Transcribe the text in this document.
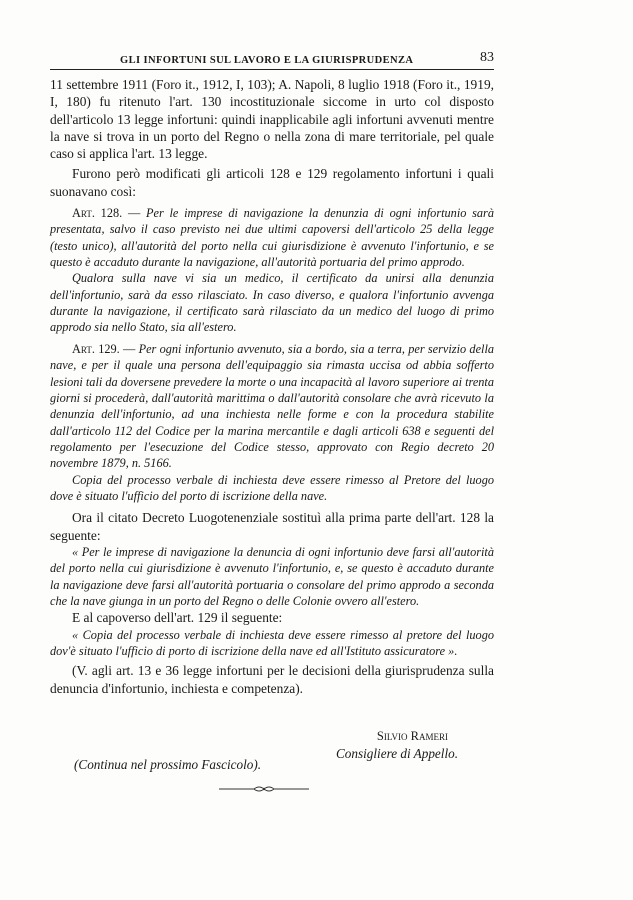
GLI INFORTUNI SUL LAVORO E LA GIURISPRUDENZA	83

11 settembre 1911 (Foro it., 1912, I, 103); A. Napoli, 8 luglio 1918 (Foro it., 1919, I, 180) fu ritenuto l'art. 130 incostituzionale siccome in urto col disposto dell'articolo 13 legge infortuni: quindi inapplicabile agli infortuni avvenuti mentre la nave si trova in un porto del Regno o nella zona di mare territoriale, pel quale caso si applica l'art. 13 legge.

Furono però modificati gli articoli 128 e 129 regolamento infortuni i quali suonavano così:

Art. 128. — Per le imprese di navigazione la denunzia di ogni infortunio sarà presentata, salvo il caso previsto nei due ultimi capoversi dell'articolo 25 della legge (testo unico), all'autorità del porto nella cui giurisdizione è avvenuto l'infortunio, e se questo è accaduto durante la navigazione, all'autorità portuaria del primo approdo.

Qualora sulla nave vi sia un medico, il certificato da unirsi alla denunzia dell'infortunio, sarà da esso rilasciato. In caso diverso, e qualora l'infortunio avvenga durante la navigazione, il certificato sarà rilasciato da un medico del luogo di primo approdo sia nello Stato, sia all'estero.

Art. 129. — Per ogni infortunio avvenuto, sia a bordo, sia a terra, per servizio della nave, e per il quale una persona dell'equipaggio sia rimasta uccisa od abbia sofferto lesioni tali da doversene prevedere la morte o una incapacità al lavoro superiore ai trenta giorni si procederà, dall'autorità marittima o dall'autorità consolare che avrà ricevuto la denunzia dell'infortunio, ad una inchiesta nelle forme e con la procedura stabilite dall'articolo 112 del Codice per la marina mercantile e dagli articoli 638 e seguenti del regolamento per l'esecuzione del Codice stesso, approvato con Regio decreto 20 novembre 1879, n. 5166.

Copia del processo verbale di inchiesta deve essere rimesso al Pretore del luogo dove è situato l'ufficio del porto di iscrizione della nave.

Ora il citato Decreto Luogotenenziale sostituì alla prima parte dell'art. 128 la seguente:

« Per le imprese di navigazione la denuncia di ogni infortunio deve farsi all'autorità del porto nella cui giurisdizione è avvenuto l'infortunio, e, se questo è accaduto durante la navigazione deve farsi all'autorità portuaria o consolare del primo approdo a seconda che la nave giunga in un porto del Regno o delle Colonie ovvero all'estero.

E al capoverso dell'art. 129 il seguente:

« Copia del processo verbale di inchiesta deve essere rimesso al pretore del luogo dov'è situato l'ufficio di porto di iscrizione della nave ed all'Istituto assicuratore ».

(V. agli art. 13 e 36 legge infortuni per le decisioni della giurisprudenza sulla denuncia d'infortunio, inchiesta e competenza).

Silvio Rameri
Consigliere di Appello.
(Continua nel prossimo Fascicolo).
